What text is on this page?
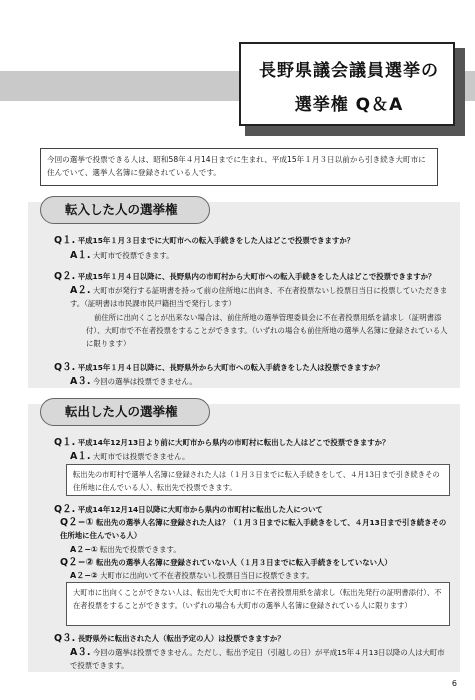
長野県議会議員選挙の
選挙権 Q＆A
今回の選挙で投票できる人は、昭和58年４月14日までに生まれ、平成15年１月３日以前から引き続き大町市に住んでいて、選挙人名簿に登録されている人です。
転入した人の選挙権
Q１. 平成15年１月３日までに大町市への転入手続きをした人はどこで投票できますか？
A１. 大町市で投票できます。
Q２. 平成15年１月４日以降に、長野県内の市町村から大町市への転入手続きをした人はどこで投票できますか？
A２. 大町市が発行する証明書を持って前の住所地に出向き、不在者投票ないし投票日当日に投票していただきます。（証明書は市民課市民戸籍担当で発行します）
前住所に出向くことが出来ない場合は、前住所地の選挙管理委員会に不在者投票用紙を請求し（証明書添付）、大町市で不在者投票をすることができます。（いずれの場合も前住所地の選挙人名簿に登録されている人に限ります）
Q３. 平成15年１月４日以降に、長野県外から大町市への転入手続きをした人は投票できますか？
A３. 今回の選挙は投票できません。
転出した人の選挙権
Q１. 平成14年12月13日より前に大町市から県内の市町村に転出した人はどこで投票できますか？
A１. 大町市では投票できません。
転出先の市町村で選挙人名簿に登録された人は（１月３日までに転入手続きをして、４月13日まで引き続きその住所地に住んでいる人）、転出先で投票できます。
Q２. 平成14年12月14日以降に大町市から県内の市町村に転出した人について
Q２−① 転出先の選挙人名簿に登録された人は？（１月３日までに転入手続きをして、４月13日まで引き続きその住所地に住んでいる人）
A２−① 転出先で投票できます。
Q２−② 転出先の選挙人名簿に登録されていない人（１月３日までに転入手続きをしていない人）
A２−② 大町市に出向いて不在者投票ないし投票日当日に投票できます。
大町市に出向くことができない人は、転出先で大町市に不在者投票用紙を請求し（転出先発行の証明書添付）、不在者投票をすることができます。（いずれの場合も大町市の選挙人名簿に登録されている人に限ります）
Q３. 長野県外に転出された人（転出予定の人）は投票できますか？
A３. 今回の選挙は投票できません。ただし、転出予定日（引越しの日）が平成15年４月13日以降の人は大町市で投票できます。
6
